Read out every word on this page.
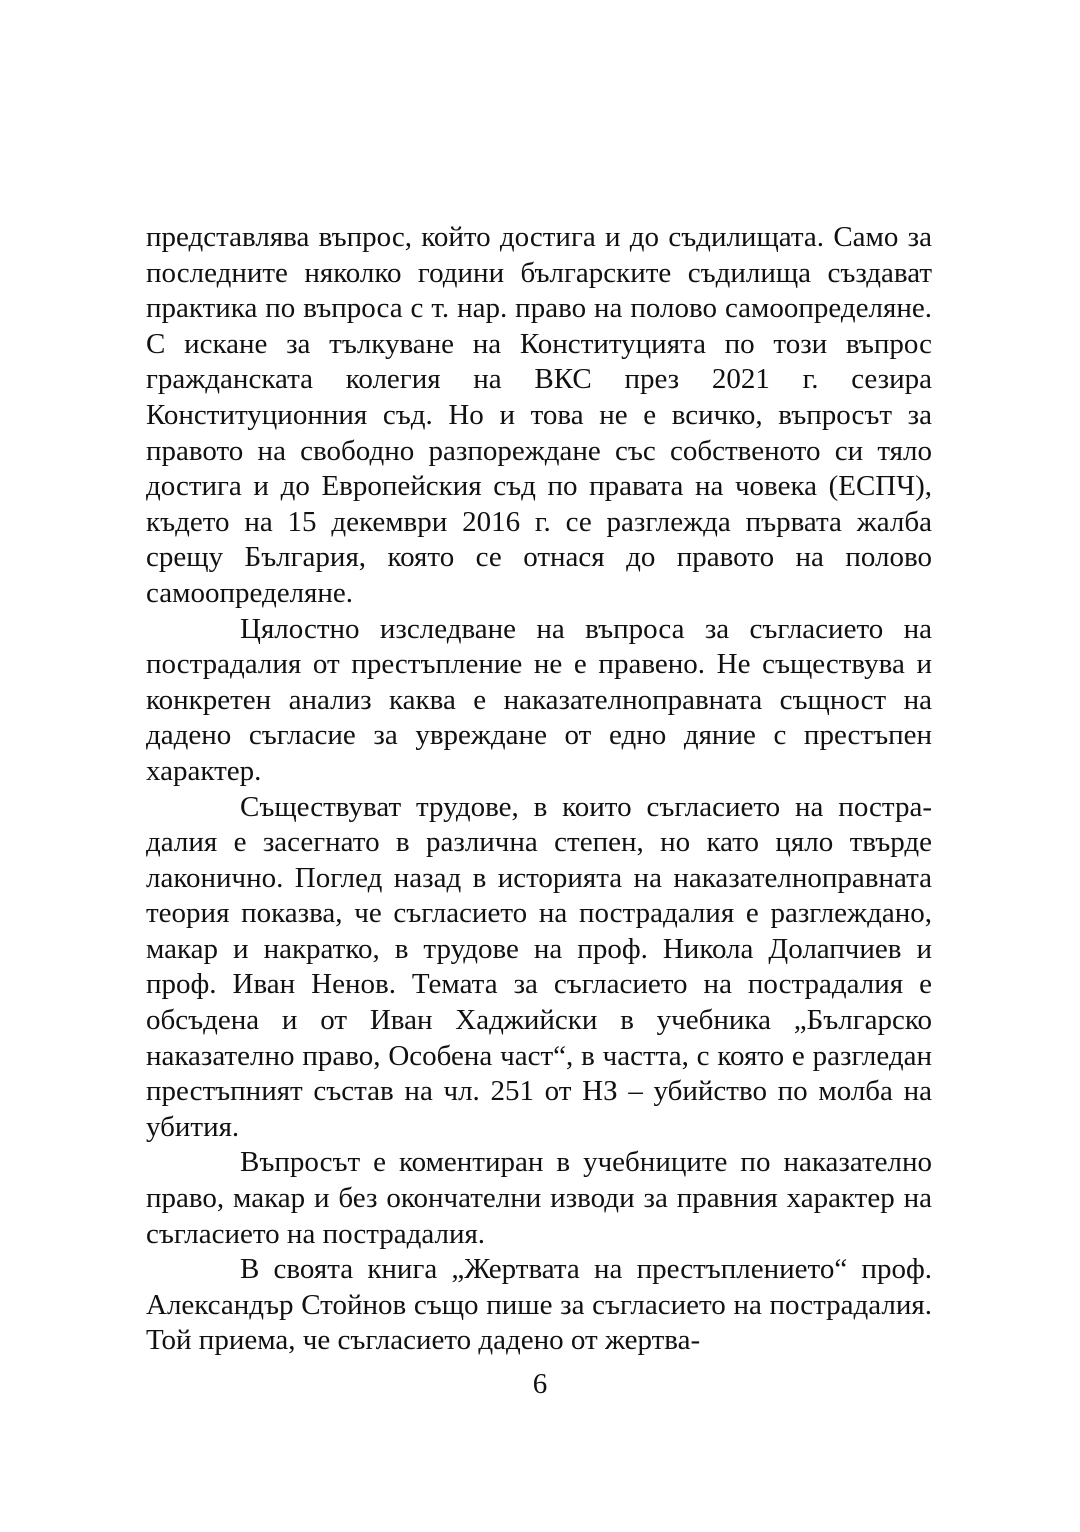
представлява въпрос, който достига и до съдилищата. Само за последните няколко години българските съдилища създават практика по въпроса с т. нар. право на полово самоопределяне. С искане за тълкуване на Конституцията по този въпрос гражданската колегия на ВКС през 2021 г. сезира Конституционния съд. Но и това не е всичко, въпросът за правото на свободно разпореждане със собственото си тяло достига и до Европейския съд по правата на човека (ЕСПЧ), където на 15 декември 2016 г. се разглежда първата жалба срещу България, която се отнася до правото на полово самоопределяне.

Цялостно изследване на въпроса за съгласието на пострадалия от престъпление не е правено. Не съществува и конкретен анализ каква е наказателноправната същност на дадено съгласие за увреждане от едно дяние с престъпен характер.

Съществуват трудове, в които съгласието на пострадалия е засегнато в различна степен, но като цяло твърде лаконично. Поглед назад в историята на наказателноправната теория показва, че съгласието на пострадалия е разглеждано, макар и накратко, в трудове на проф. Никола Долапчиев и проф. Иван Ненов. Темата за съгласието на пострадалия е обсъдена и от Иван Хаджийски в учебника „Българско наказателно право, Особена част“, в частта, с която е разгледан престъпният състав на чл. 251 от НЗ – убийство по молба на убития.

Въпросът е коментиран в учебниците по наказателно право, макар и без окончателни изводи за правния характер на съгласието на пострадалия.

В своята книга „Жертвата на престъплението“ проф. Александър Стойнов също пише за съгласието на пострадалия. Той приема, че съгласието дадено от жертва-

6
